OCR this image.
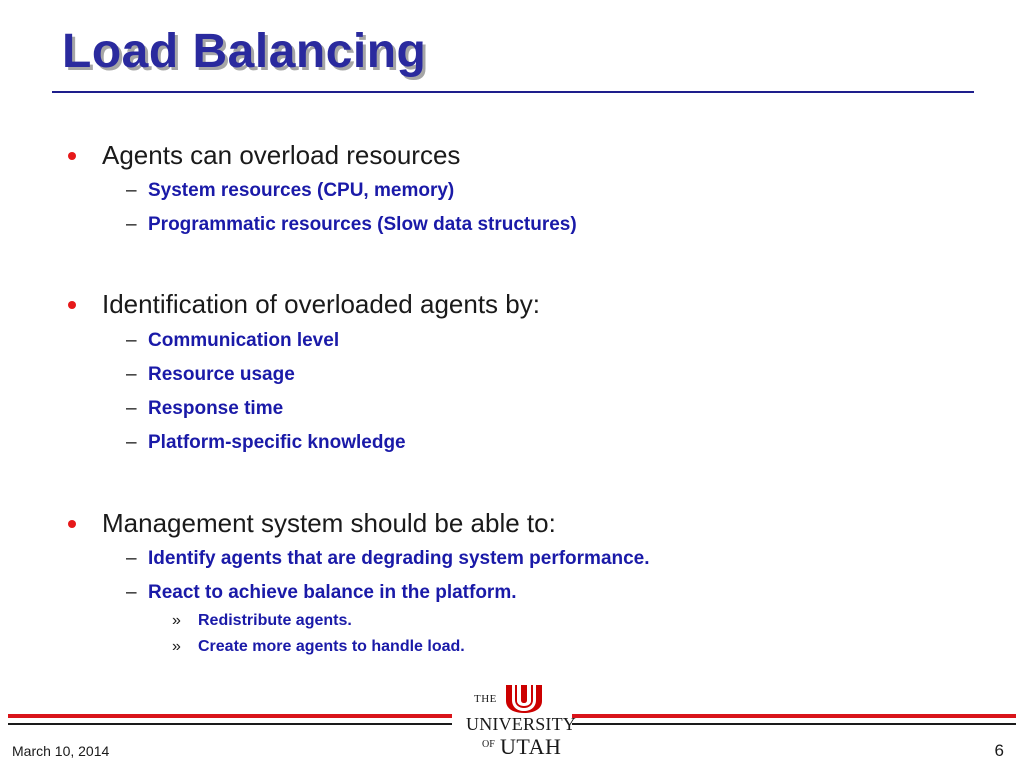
Load Balancing
Agents can overload resources
– System resources (CPU, memory)
– Programmatic resources (Slow data structures)
Identification of overloaded agents by:
– Communication level
– Resource usage
– Response time
– Platform-specific knowledge
Management system should be able to:
– Identify agents that are degrading system performance.
– React to achieve balance in the platform.
»	Redistribute agents.
»	Create more agents to handle load.
THE
UNIVERSITY
OF UTAH
March 10, 2014	6
